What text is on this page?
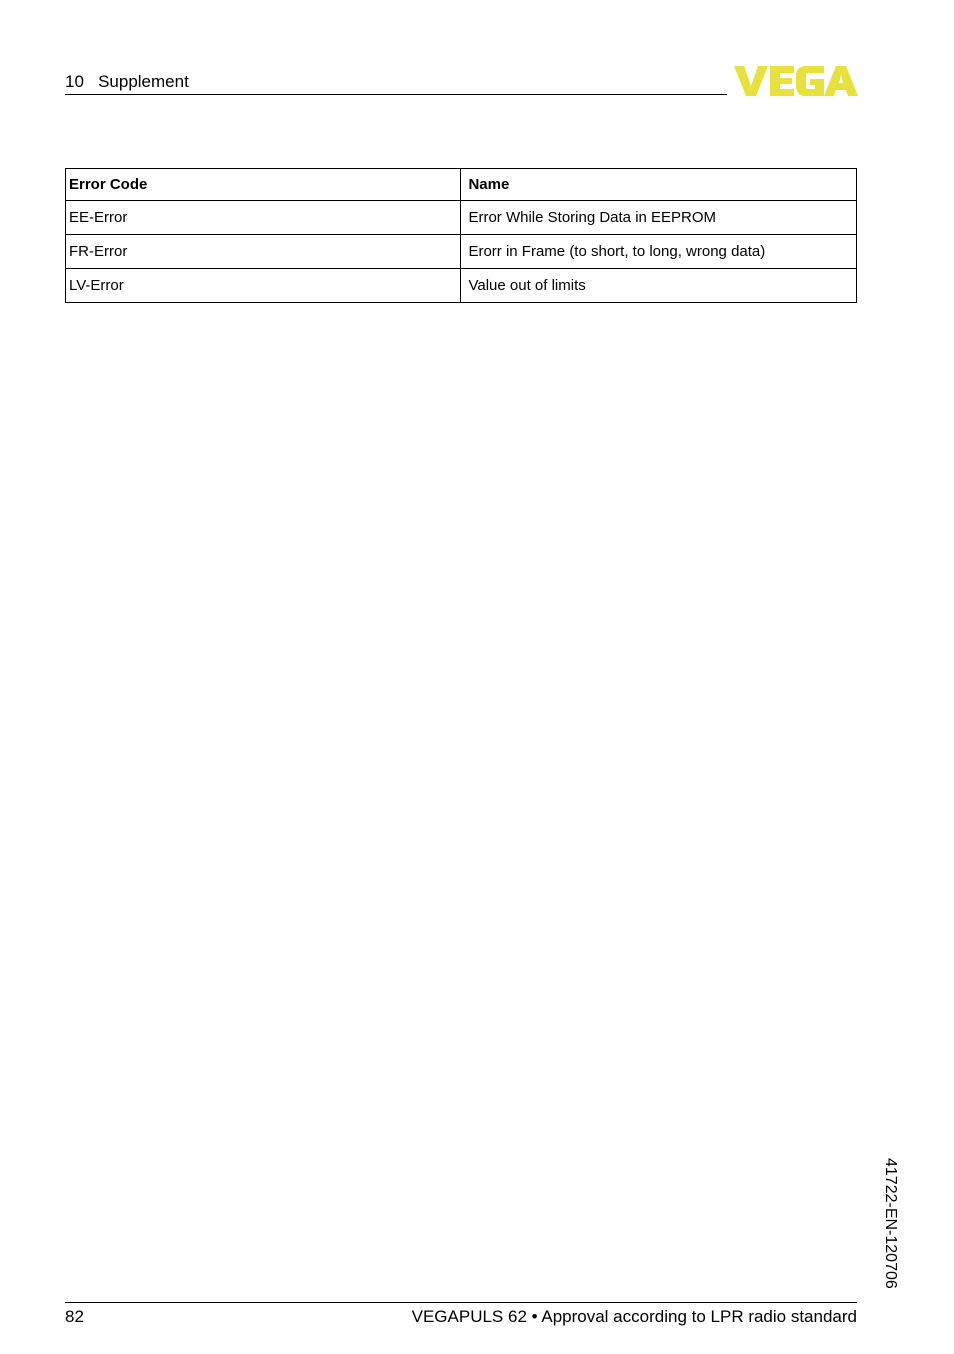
10   Supplement
Error Code	Name
EE-Error	Error While Storing Data in EEPROM
FR-Error	Erorr in Frame (to short, to long, wrong data)
LV-Error	Value out of limits
41722-EN-120706
82	VEGAPULS 62 • Approval according to LPR radio standard
